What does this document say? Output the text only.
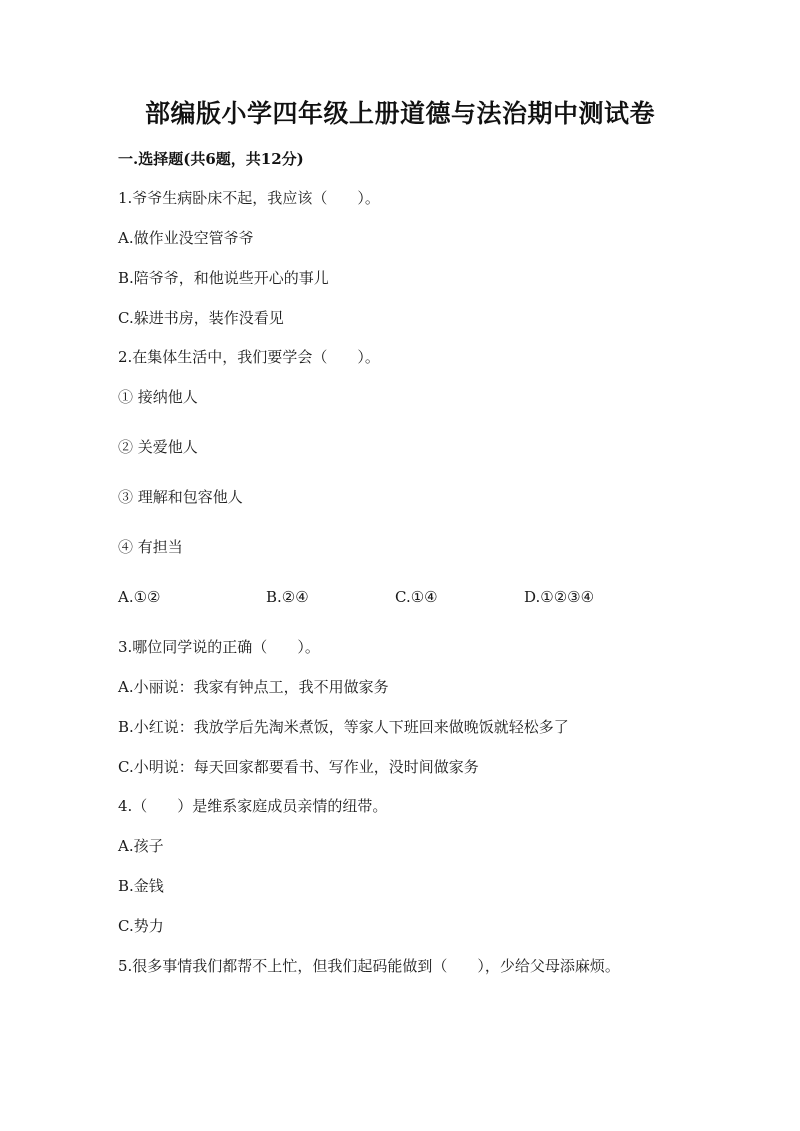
部编版小学四年级上册道德与法治期中测试卷
一.选择题(共6题，共12分)
1.爷爷生病卧床不起，我应该（　　）。
A.做作业没空管爷爷
B.陪爷爷，和他说些开心的事儿
C.躲进书房，装作没看见
2.在集体生活中，我们要学会（　　）。
① 接纳他人
② 关爱他人
③ 理解和包容他人
④ 有担当
A.①②	B.②④	C.①④	D.①②③④
3.哪位同学说的正确（　　）。
A.小丽说：我家有钟点工，我不用做家务
B.小红说：我放学后先淘米煮饭，等家人下班回来做晚饭就轻松多了
C.小明说：每天回家都要看书、写作业，没时间做家务
4.（　　）是维系家庭成员亲情的纽带。
A.孩子
B.金钱
C.势力
5.很多事情我们都帮不上忙，但我们起码能做到（　　），少给父母添麻烦。
